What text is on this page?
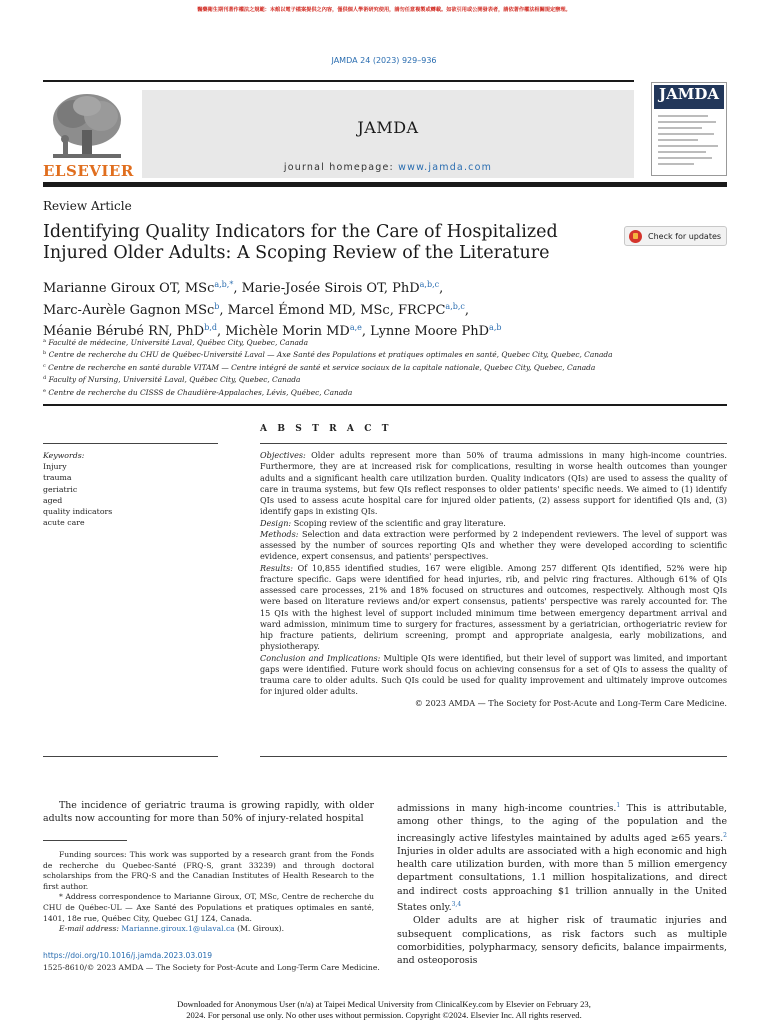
醫藥衛生期刊著作權法之規範：本館以電子檔案提供之內容，僅供個人學術研究使用，請勿任意複製或轉載。如欲引用或公開發表者，請依著作權法相關規定辦理。
JAMDA 24 (2023) 929–936
ELSEVIER
JAMDA
journal homepage: www.jamda.com
JAMDA
Review Article
Identifying Quality Indicators for the Care of Hospitalized Injured Older Adults: A Scoping Review of the Literature
Check for updates
Marianne Giroux OT, MSc$^{a,b,*}$, Marie-Josée Sirois OT, PhD$^{a,b,c}$,
Marc-Aurèle Gagnon MSc$^b$, Marcel Émond MD, MSc, FRCPC$^{a,b,c}$,
Méanie Bérubé RN, PhD$^{b,d}$, Michèle Morin MD$^{a,e}$, Lynne Moore PhD$^{a,b}$
$^a$ Faculté de médecine, Université Laval, Québec City, Quebec, Canada
$^b$ Centre de recherche du CHU de Québec-Université Laval — Axe Santé des Populations et pratiques optimales en santé, Quebec City, Quebec, Canada
$^c$ Centre de recherche en santé durable VITAM — Centre intégré de santé et service sociaux de la capitale nationale, Quebec City, Quebec, Canada
$^d$ Faculty of Nursing, Université Laval, Québec City, Quebec, Canada
$^e$ Centre de recherche du CISSS de Chaudière-Appalaches, Lévis, Québec, Canada
A B S T R A C T
Keywords:
Injury
trauma
geriatric
aged
quality indicators
acute care

Objectives: Older adults represent more than 50% of trauma admissions in many high-income countries. Furthermore, they are at increased risk for complications, resulting in worse health outcomes than younger adults and a significant health care utilization burden. Quality indicators (QIs) are used to assess the quality of care in trauma systems, but few QIs reflect responses to older patients' specific needs. We aimed to (1) identify QIs used to assess acute hospital care for injured older patients, (2) assess support for identified QIs and, (3) identify gaps in existing QIs.

Design: Scoping review of the scientific and gray literature.

Methods: Selection and data extraction were performed by 2 independent reviewers. The level of support was assessed by the number of sources reporting QIs and whether they were developed according to scientific evidence, expert consensus, and patients' perspectives.

Results: Of 10,855 identified studies, 167 were eligible. Among 257 different QIs identified, 52% were hip fracture specific. Gaps were identified for head injuries, rib, and pelvic ring fractures. Although 61% of QIs assessed care processes, 21% and 18% focused on structures and outcomes, respectively. Although most QIs were based on literature reviews and/or expert consensus, patients' perspective was rarely accounted for. The 15 QIs with the highest level of support included minimum time between emergency department arrival and ward admission, minimum time to surgery for fractures, assessment by a geriatrician, orthogeriatric review for hip fracture patients, delirium screening, prompt and appropriate analgesia, early mobilizations, and physiotherapy.

Conclusion and Implications: Multiple QIs were identified, but their level of support was limited, and important gaps were identified. Future work should focus on achieving consensus for a set of QIs to assess the quality of trauma care to older adults. Such QIs could be used for quality improvement and ultimately improve outcomes for injured older adults.

© 2023 AMDA — The Society for Post-Acute and Long-Term Care Medicine.

The incidence of geriatric trauma is growing rapidly, with older adults now accounting for more than 50% of injury-related hospital

admissions in many high-income countries.$^1$ This is attributable, among other things, to the aging of the population and the increasingly active lifestyles maintained by adults aged ≥65 years.$^2$ Injuries in older adults are associated with a high economic and high health care utilization burden, with more than 5 million emergency department consultations, 1.1 million hospitalizations, and direct and indirect costs approaching $1 trillion annually in the United States only.$^{3,4}$

Older adults are at higher risk of traumatic injuries and subsequent complications, as risk factors such as multiple comorbidities, polypharmacy, sensory deficits, balance impairments, and osteoporosis

Funding sources: This work was supported by a research grant from the Fonds de recherche du Quebec-Santé (FRQ-S, grant 33239) and through doctoral scholarships from the FRQ-S and the Canadian Institutes of Health Research to the first author.

* Address correspondence to Marianne Giroux, OT, MSc, Centre de recherche du CHU de Québec-UL — Axe Santé des Populations et pratiques optimales en santé, 1401, 18e rue, Québec City, Quebec G1J 1Z4, Canada.

E-mail address: Marianne.giroux.1@ulaval.ca (M. Giroux).

https://doi.org/10.1016/j.jamda.2023.03.019
1525-8610/© 2023 AMDA — The Society for Post-Acute and Long-Term Care Medicine.
Downloaded for Anonymous User (n/a) at Taipei Medical University from ClinicalKey.com by Elsevier on February 23,
2024. For personal use only. No other uses without permission. Copyright ©2024. Elsevier Inc. All rights reserved.
